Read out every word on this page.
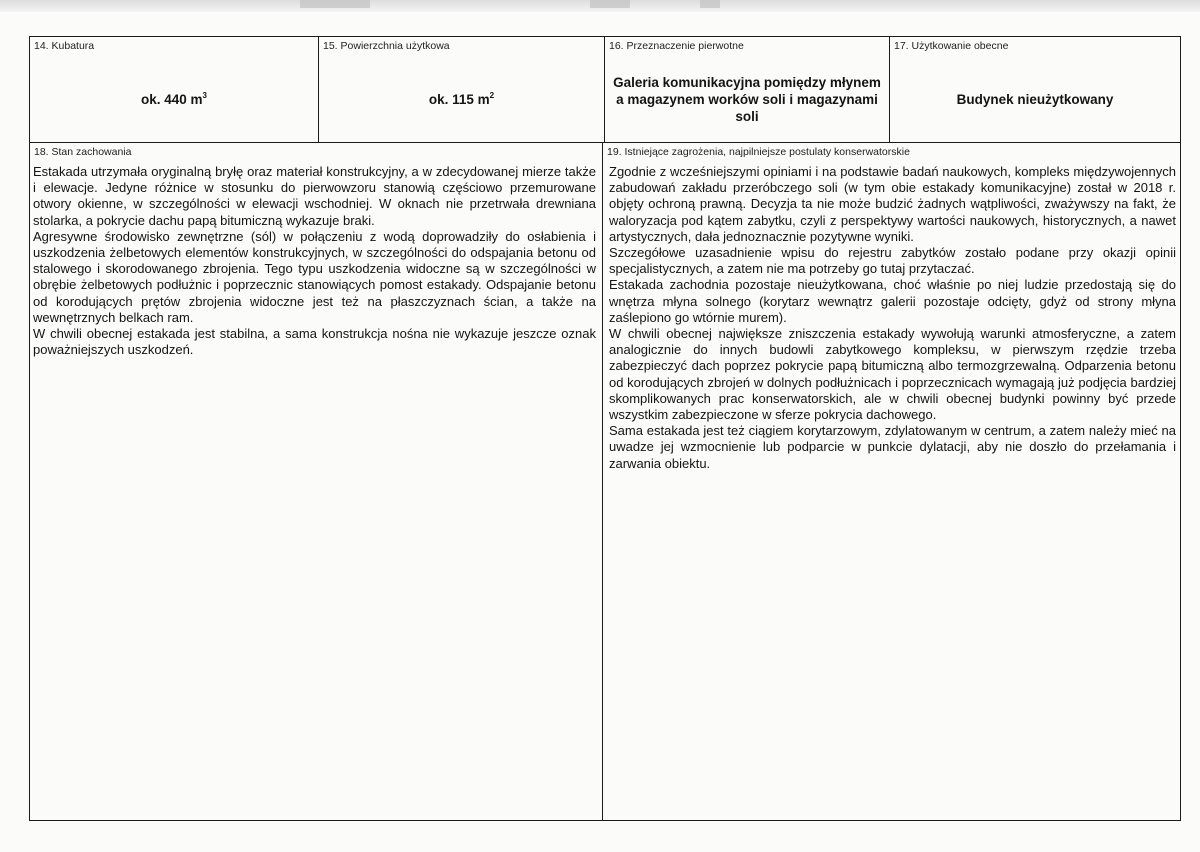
14. Kubatura
ok. 440 $m^3$
15. Powierzchnia użytkowa
ok. 115 $m^2$
16. Przeznaczenie pierwotne
Galeria komunikacyjna pomiędzy młynem a magazynem worków soli i magazynami soli
17. Użytkowanie obecne
Budynek nieużytkowany
18. Stan zachowania

Estakada utrzymała oryginalną bryłę oraz materiał konstrukcyjny, a w zdecydowanej mierze także i elewacje. Jedyne różnice w stosunku do pierwowzoru stanowią częściowo przemurowane otwory okienne, w szczególności w elewacji wschodniej. W oknach nie przetrwała drewniana stolarka, a pokrycie dachu papą bitumiczną wykazuje braki.

Agresywne środowisko zewnętrzne (sól) w połączeniu z wodą doprowadziły do osłabienia i uszkodzenia żelbetowych elementów konstrukcyjnych, w szczególności do odspajania betonu od stalowego i skorodowanego zbrojenia. Tego typu uszkodzenia widoczne są w szczególności w obrębie żelbetowych podłużnic i poprzecznic stanowiących pomost estakady. Odspajanie betonu od korodujących prętów zbrojenia widoczne jest też na płaszczyznach ścian, a także na wewnętrznych belkach ram.

W chwili obecnej estakada jest stabilna, a sama konstrukcja nośna nie wykazuje jeszcze oznak poważniejszych uszkodzeń.

19. Istniejące zagrożenia, najpilniejsze postulaty konserwatorskie

Zgodnie z wcześniejszymi opiniami i na podstawie badań naukowych, kompleks międzywojennych zabudowań zakładu przeróbczego soli (w tym obie estakady komunikacyjne) został w 2018 r. objęty ochroną prawną. Decyzja ta nie może budzić żadnych wątpliwości, zważywszy na fakt, że waloryzacja pod kątem zabytku, czyli z perspektywy wartości naukowych, historycznych, a nawet artystycznych, dała jednoznacznie pozytywne wyniki.

Szczegółowe uzasadnienie wpisu do rejestru zabytków zostało podane przy okazji opinii specjalistycznych, a zatem nie ma potrzeby go tutaj przytaczać.

Estakada zachodnia pozostaje nieużytkowana, choć właśnie po niej ludzie przedostają się do wnętrza młyna solnego (korytarz wewnątrz galerii pozostaje odcięty, gdyż od strony młyna zaślepiono go wtórnie murem).

W chwili obecnej największe zniszczenia estakady wywołują warunki atmosferyczne, a zatem analogicznie do innych budowli zabytkowego kompleksu, w pierwszym rzędzie trzeba zabezpieczyć dach poprzez pokrycie papą bitumiczną albo termozgrzewalną. Odparzenia betonu od korodujących zbrojeń w dolnych podłużnicach i poprzecznicach wymagają już podjęcia bardziej skomplikowanych prac konserwatorskich, ale w chwili obecnej budynki powinny być przede wszystkim zabezpieczone w sferze pokrycia dachowego.

Sama estakada jest też ciągiem korytarzowym, zdylatowanym w centrum, a zatem należy mieć na uwadze jej wzmocnienie lub podparcie w punkcie dylatacji, aby nie doszło do przełamania i zarwania obiektu.
